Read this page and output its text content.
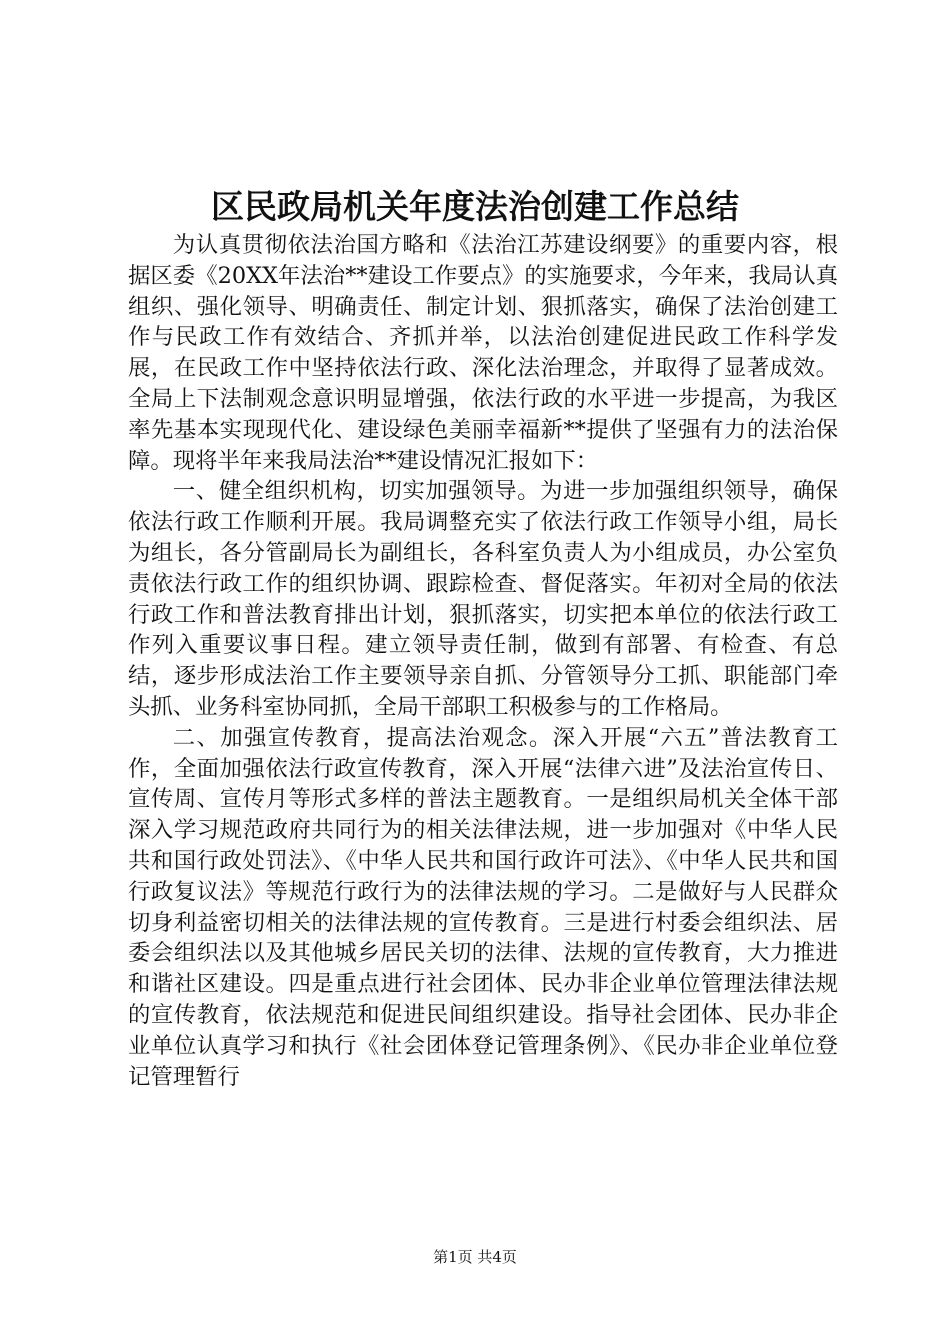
区民政局机关年度法治创建工作总结

为认真贯彻依法治国方略和《法治江苏建设纲要》的重要内容，根据区委《20XX年法治**建设工作要点》的实施要求，今年来，我局认真组织、强化领导、明确责任、制定计划、狠抓落实，确保了法治创建工作与民政工作有效结合、齐抓并举，以法治创建促进民政工作科学发展，在民政工作中坚持依法行政、深化法治理念，并取得了显著成效。全局上下法制观念意识明显增强，依法行政的水平进一步提高，为我区率先基本实现现代化、建设绿色美丽幸福新**提供了坚强有力的法治保障。现将半年来我局法治**建设情况汇报如下：

一、健全组织机构，切实加强领导。为进一步加强组织领导，确保依法行政工作顺利开展。我局调整充实了依法行政工作领导小组，局长为组长，各分管副局长为副组长，各科室负责人为小组成员，办公室负责依法行政工作的组织协调、跟踪检查、督促落实。年初对全局的依法行政工作和普法教育排出计划，狠抓落实，切实把本单位的依法行政工作列入重要议事日程。建立领导责任制，做到有部署、有检查、有总结，逐步形成法治工作主要领导亲自抓、分管领导分工抓、职能部门牵头抓、业务科室协同抓，全局干部职工积极参与的工作格局。

二、加强宣传教育，提高法治观念。深入开展“六五”普法教育工作，全面加强依法行政宣传教育，深入开展“法律六进”及法治宣传日、宣传周、宣传月等形式多样的普法主题教育。一是组织局机关全体干部深入学习规范政府共同行为的相关法律法规，进一步加强对《中华人民共和国行政处罚法》、《中华人民共和国行政许可法》、《中华人民共和国行政复议法》等规范行政行为的法律法规的学习。二是做好与人民群众切身利益密切相关的法律法规的宣传教育。三是进行村委会组织法、居委会组织法以及其他城乡居民关切的法律、法规的宣传教育，大力推进和谐社区建设。四是重点进行社会团体、民办非企业单位管理法律法规的宣传教育，依法规范和促进民间组织建设。指导社会团体、民办非企业单位认真学习和执行《社会团体登记管理条例》、《民办非企业单位登记管理暂行

第1页 共4页
